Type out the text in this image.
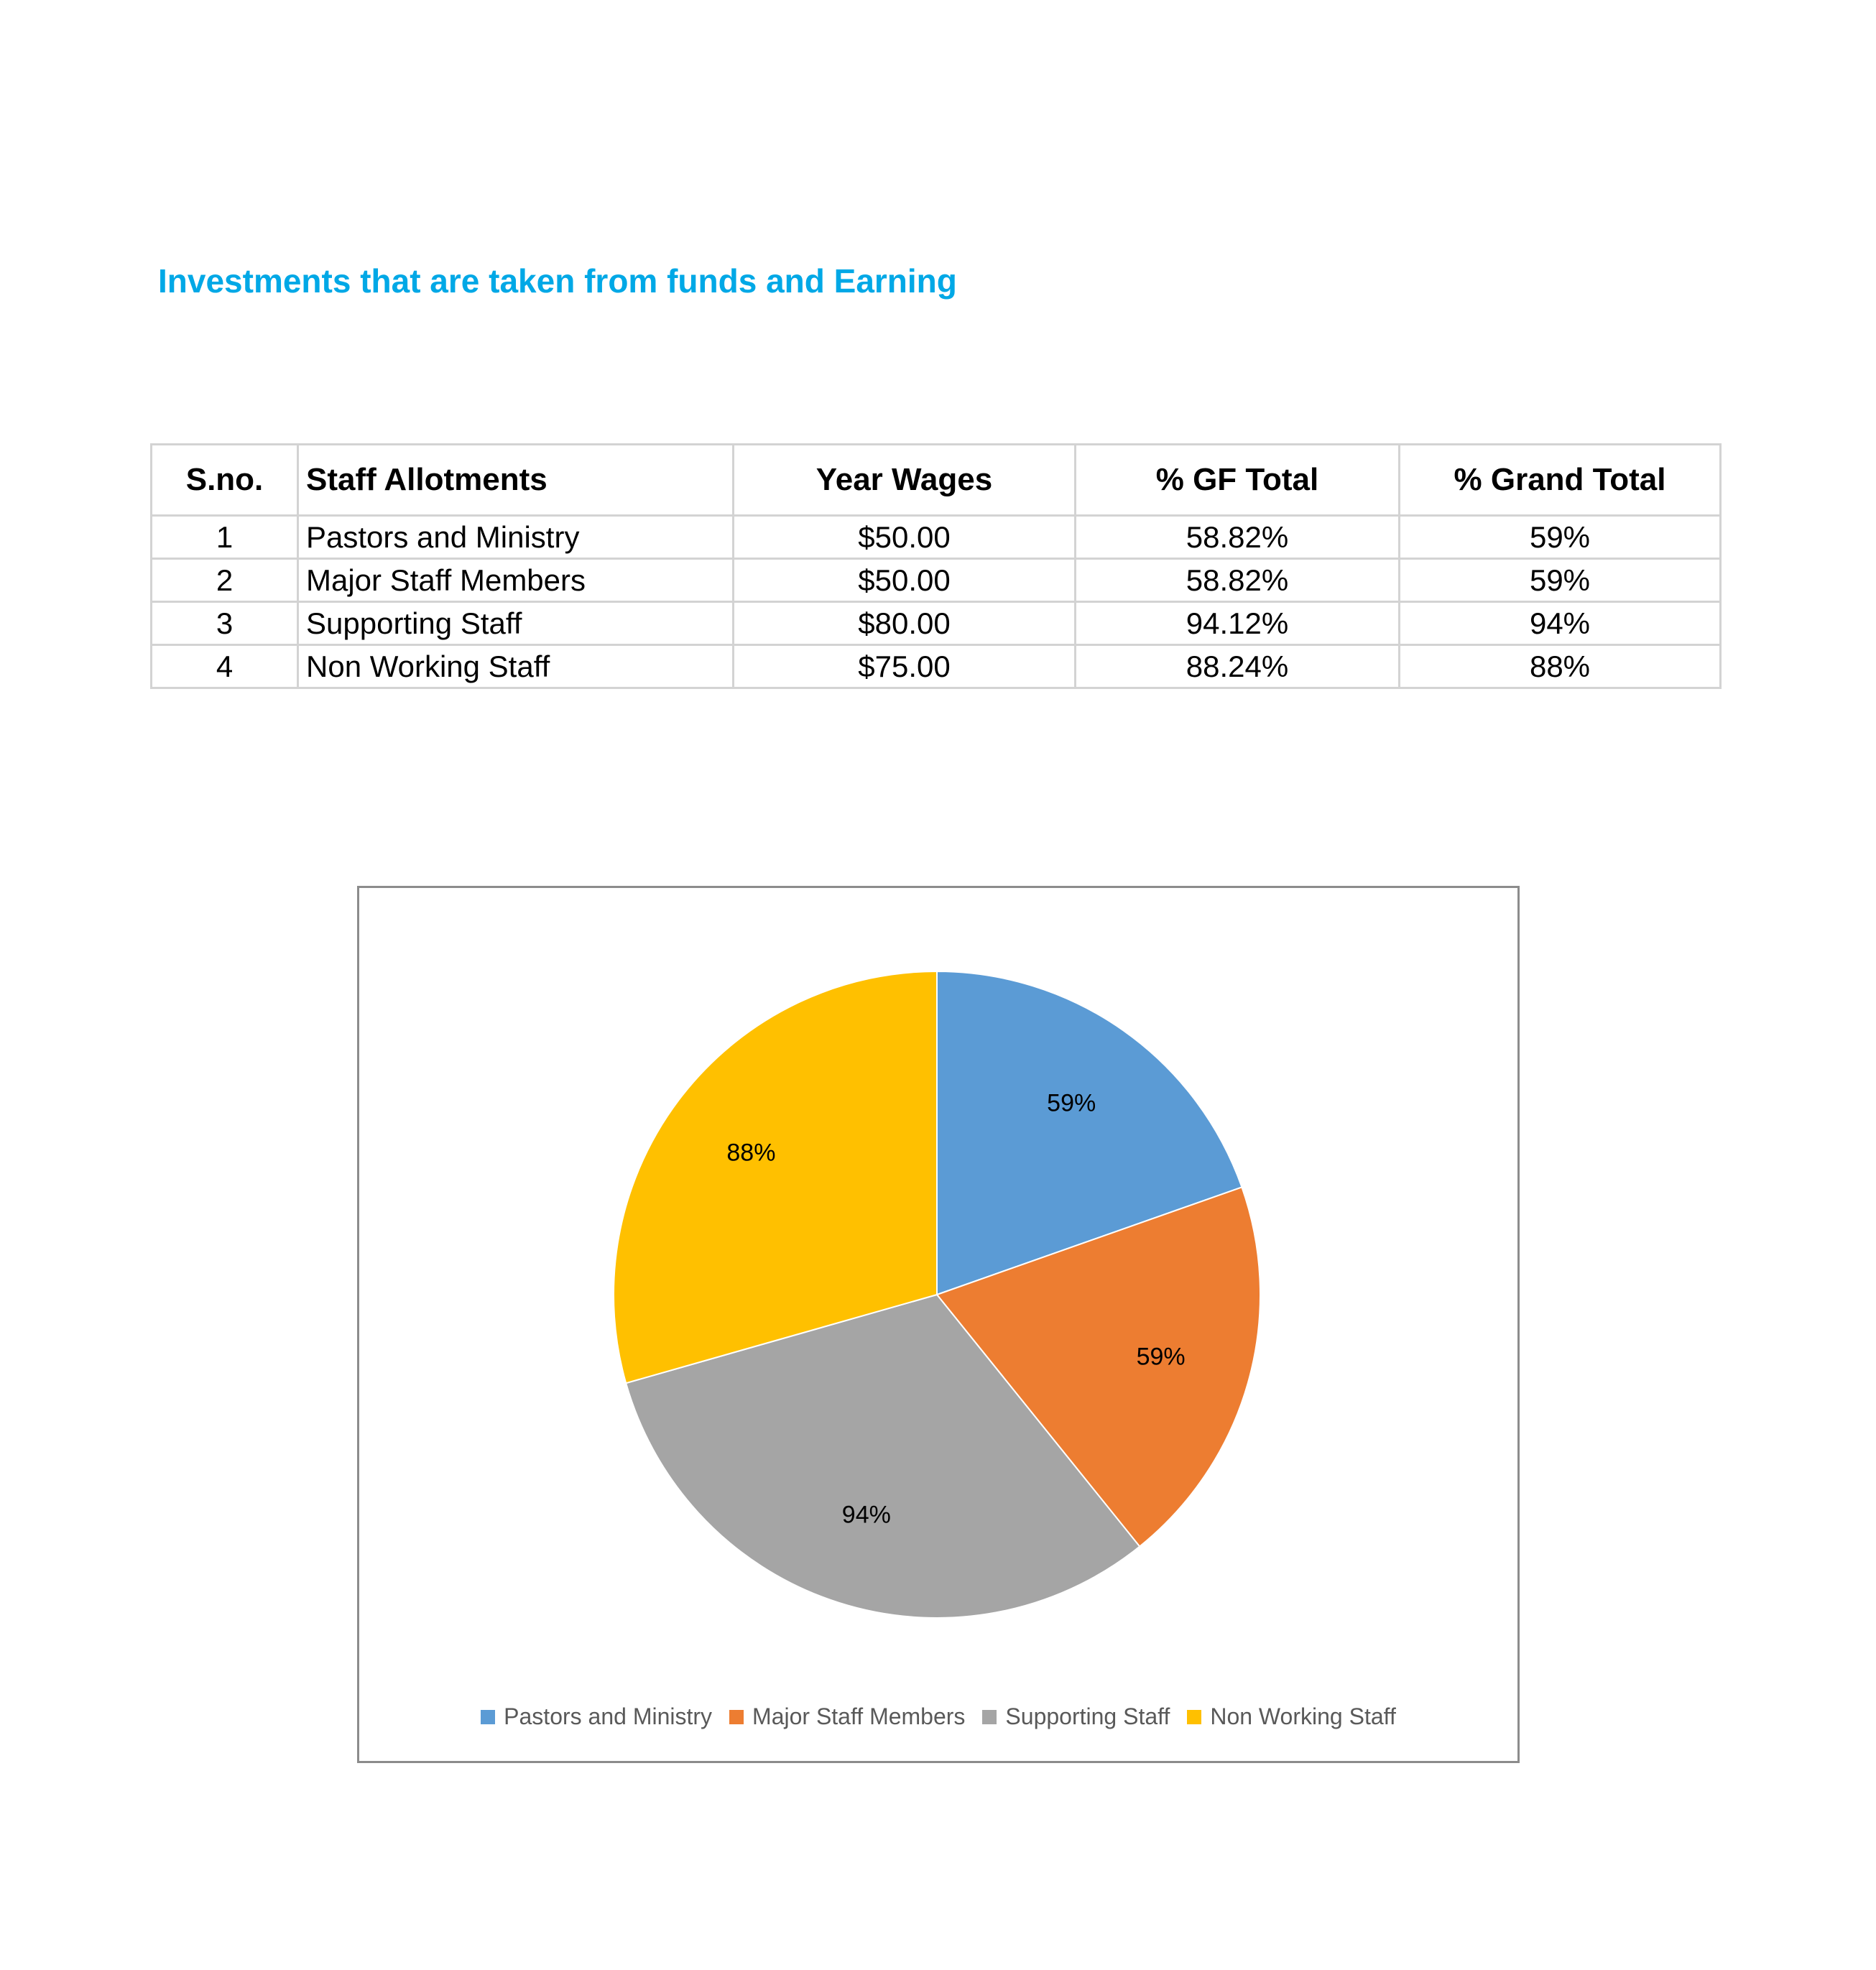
Investments that are taken from funds and Earning
S.no.	Staff Allotments	Year Wages	% GF Total	% Grand Total
1	Pastors and Ministry	$50.00	58.82%	59%
2	Major Staff Members	$50.00	58.82%	59%
3	Supporting Staff	$80.00	94.12%	94%
4	Non Working Staff	$75.00	88.24%	88%
59%
59%
94%
88%
Pastors and Ministry Major Staff Members Supporting Staff Non Working Staff
